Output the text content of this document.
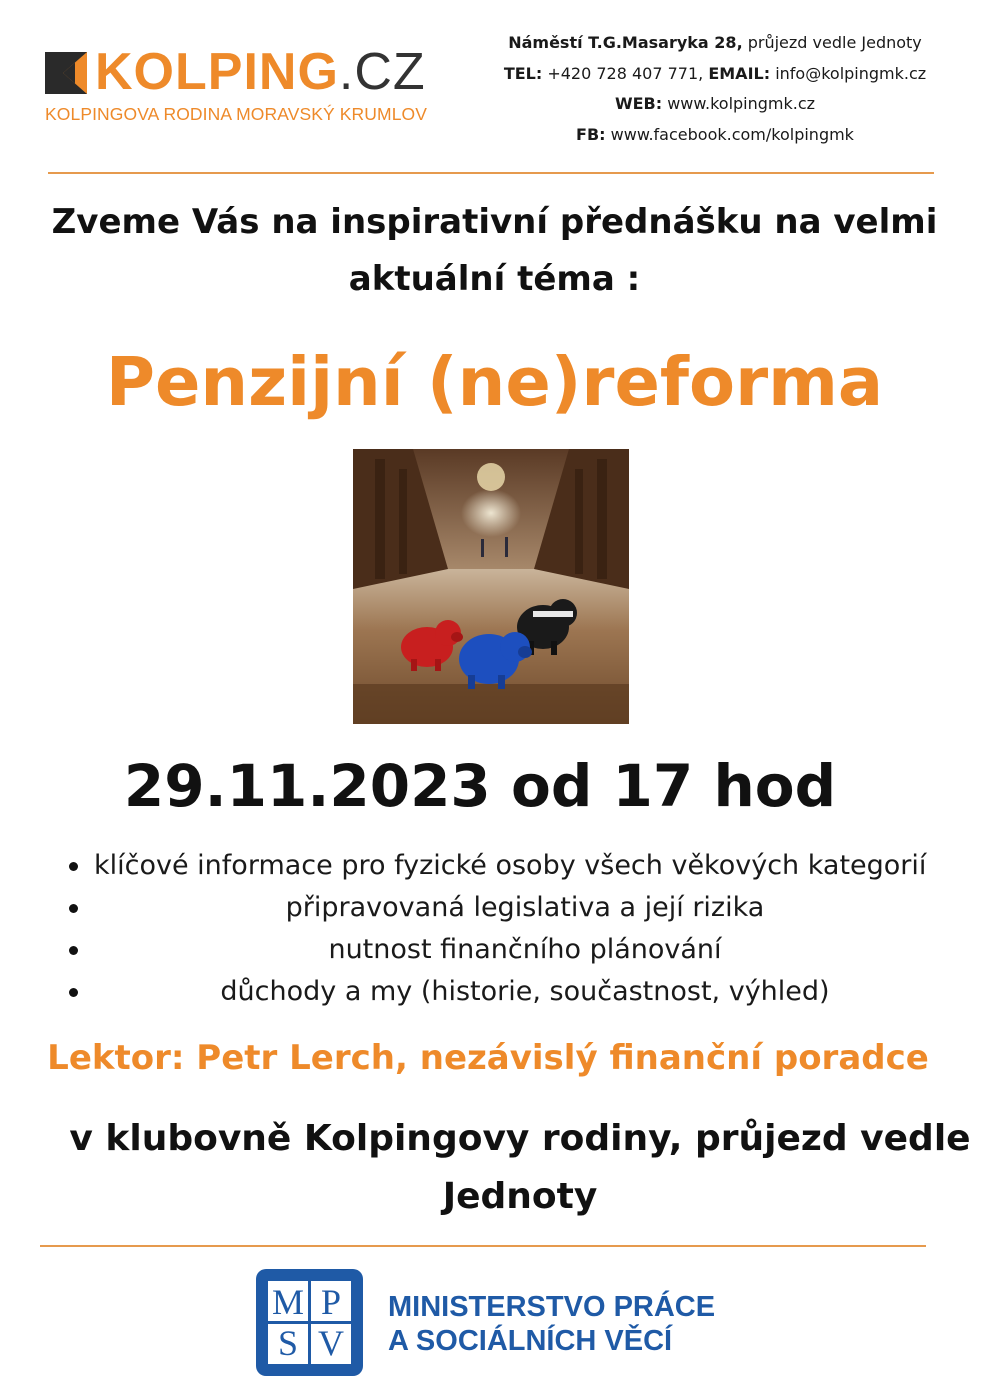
KOLPING.CZ
KOLPINGOVA RODINA MORAVSKÝ KRUMLOV
Náměstí T.G.Masaryka 28, průjezd vedle Jednoty
TEL: +420 728 407 771, EMAIL: info@kolpingmk.cz
WEB: www.kolpingmk.cz
FB: www.facebook.com/kolpingmk
Zveme Vás na inspirativní přednášku na velmi
aktuální téma :
Penzijní (ne)reforma
29.11.2023 od 17 hod
klíčové informace pro fyzické osoby všech věkových kategorií
připravovaná legislativa a její rizika
nutnost finančního plánování
důchody a my (historie, součastnost, výhled)
Lektor: Petr Lerch, nezávislý finanční poradce
v klubovně Kolpingovy rodiny, průjezd vedle
Jednoty
M P
S V
MINISTERSTVO PRÁCE
A SOCIÁLNÍCH VĚCÍ
